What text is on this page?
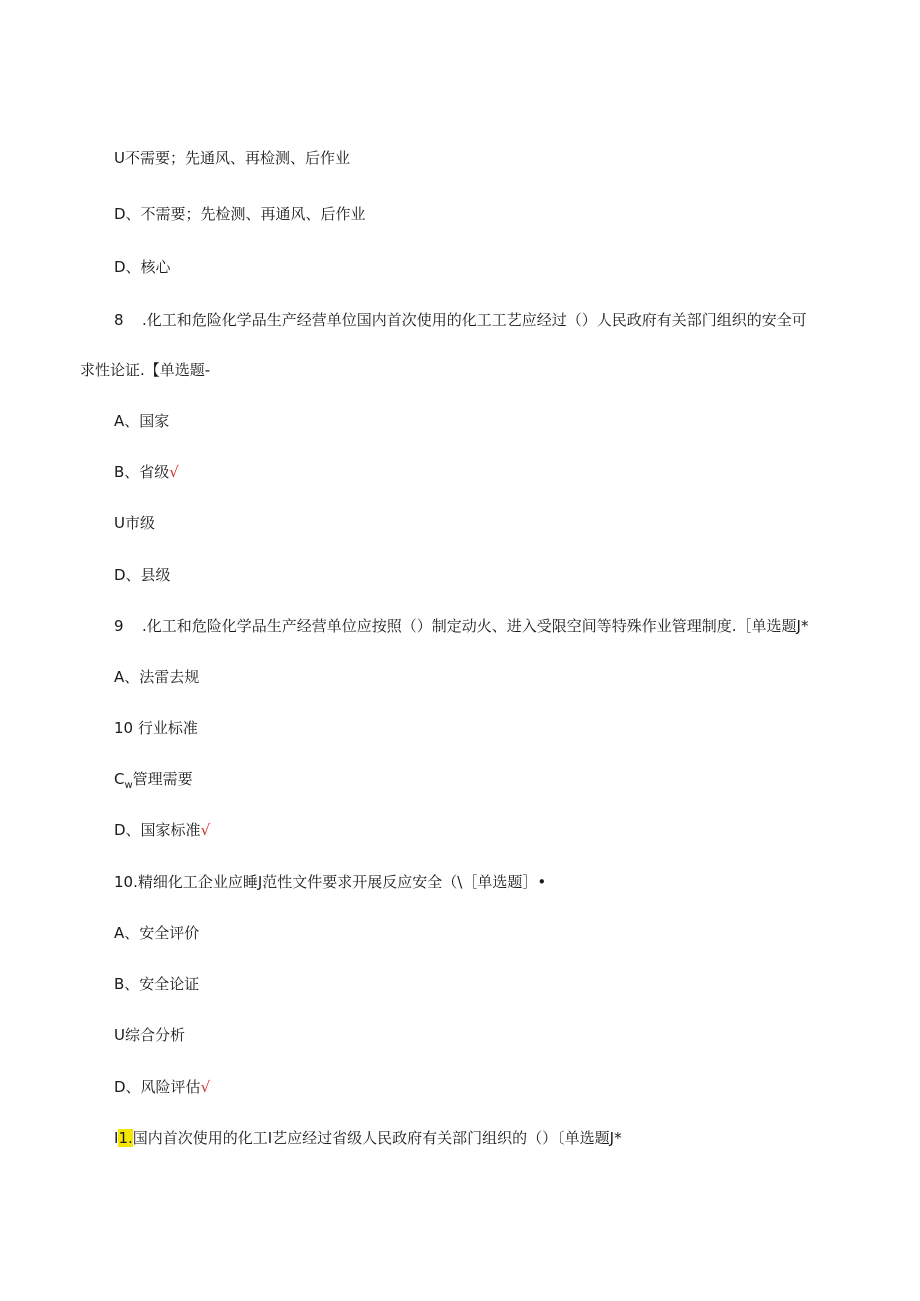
U不需要；先通风、再检测、后作业
D、不需要；先检测、再通风、后作业
D、核心
8 .化工和危险化学品生产经营单位国内首次使用的化工工艺应经过（）人民政府有关部门组织的安全可
求性论证.【单选题-
A、国家
B、省级√
U市级
D、县级
9 .化工和危险化学品生产经营单位应按照（）制定动火、进入受限空间等特殊作业管理制度.［单选题J*
A、法雷去规
10 行业标准
$C_w$管理需要
D、国家标准√
10.精细化工企业应睡J范性文件要求开展反应安全（\［单选题］•
A、安全评价
B、安全论证
U综合分析
D、风险评估√
I1.国内首次使用的化工I艺应经过省级人民政府有关部门组织的（）〔单选题J*
